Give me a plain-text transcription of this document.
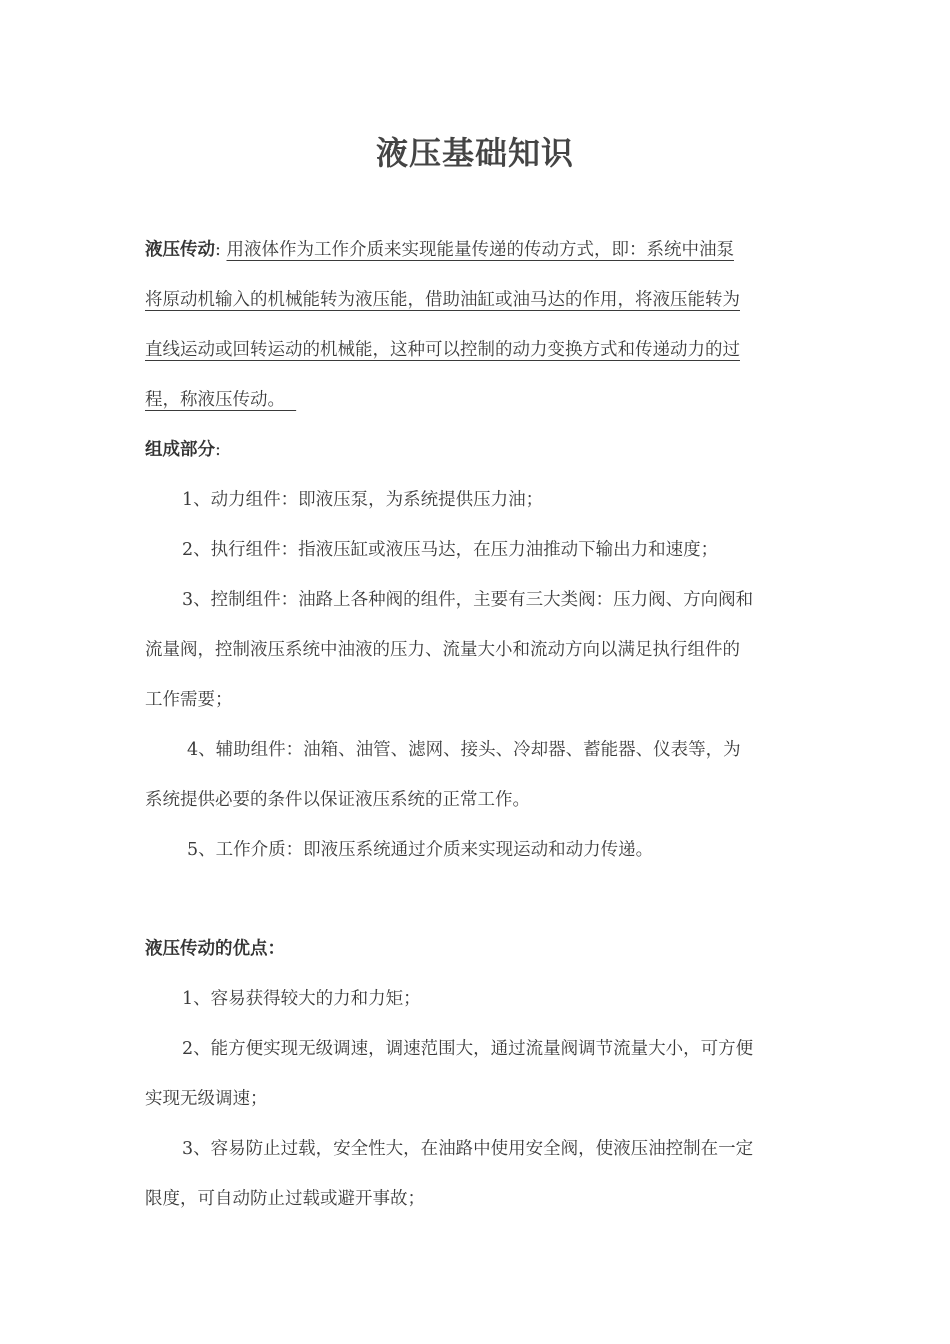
液压基础知识
液压传动: 用液体作为工作介质来实现能量传递的传动方式，即：系统中油泵
将原动机输入的机械能转为液压能，借助油缸或油马达的作用，将液压能转为
直线运动或回转运动的机械能，这种可以控制的动力变换方式和传递动力的过
程，称液压传动。
组成部分:
1、动力组件：即液压泵，为系统提供压力油；
2、执行组件：指液压缸或液压马达，在压力油推动下输出力和速度；
3、控制组件：油路上各种阀的组件，主要有三大类阀：压力阀、方向阀和
流量阀，控制液压系统中油液的压力、流量大小和流动方向以满足执行组件的
工作需要；
4、辅助组件：油箱、油管、滤网、接头、冷却器、蓄能器、仪表等，为
系统提供必要的条件以保证液压系统的正常工作。
5、工作介质：即液压系统通过介质来实现运动和动力传递。
液压传动的优点：
1、容易获得较大的力和力矩；
2、能方便实现无级调速，调速范围大，通过流量阀调节流量大小，可方便
实现无级调速；
3、容易防止过载，安全性大，在油路中使用安全阀，使液压油控制在一定
限度，可自动防止过载或避开事故；
